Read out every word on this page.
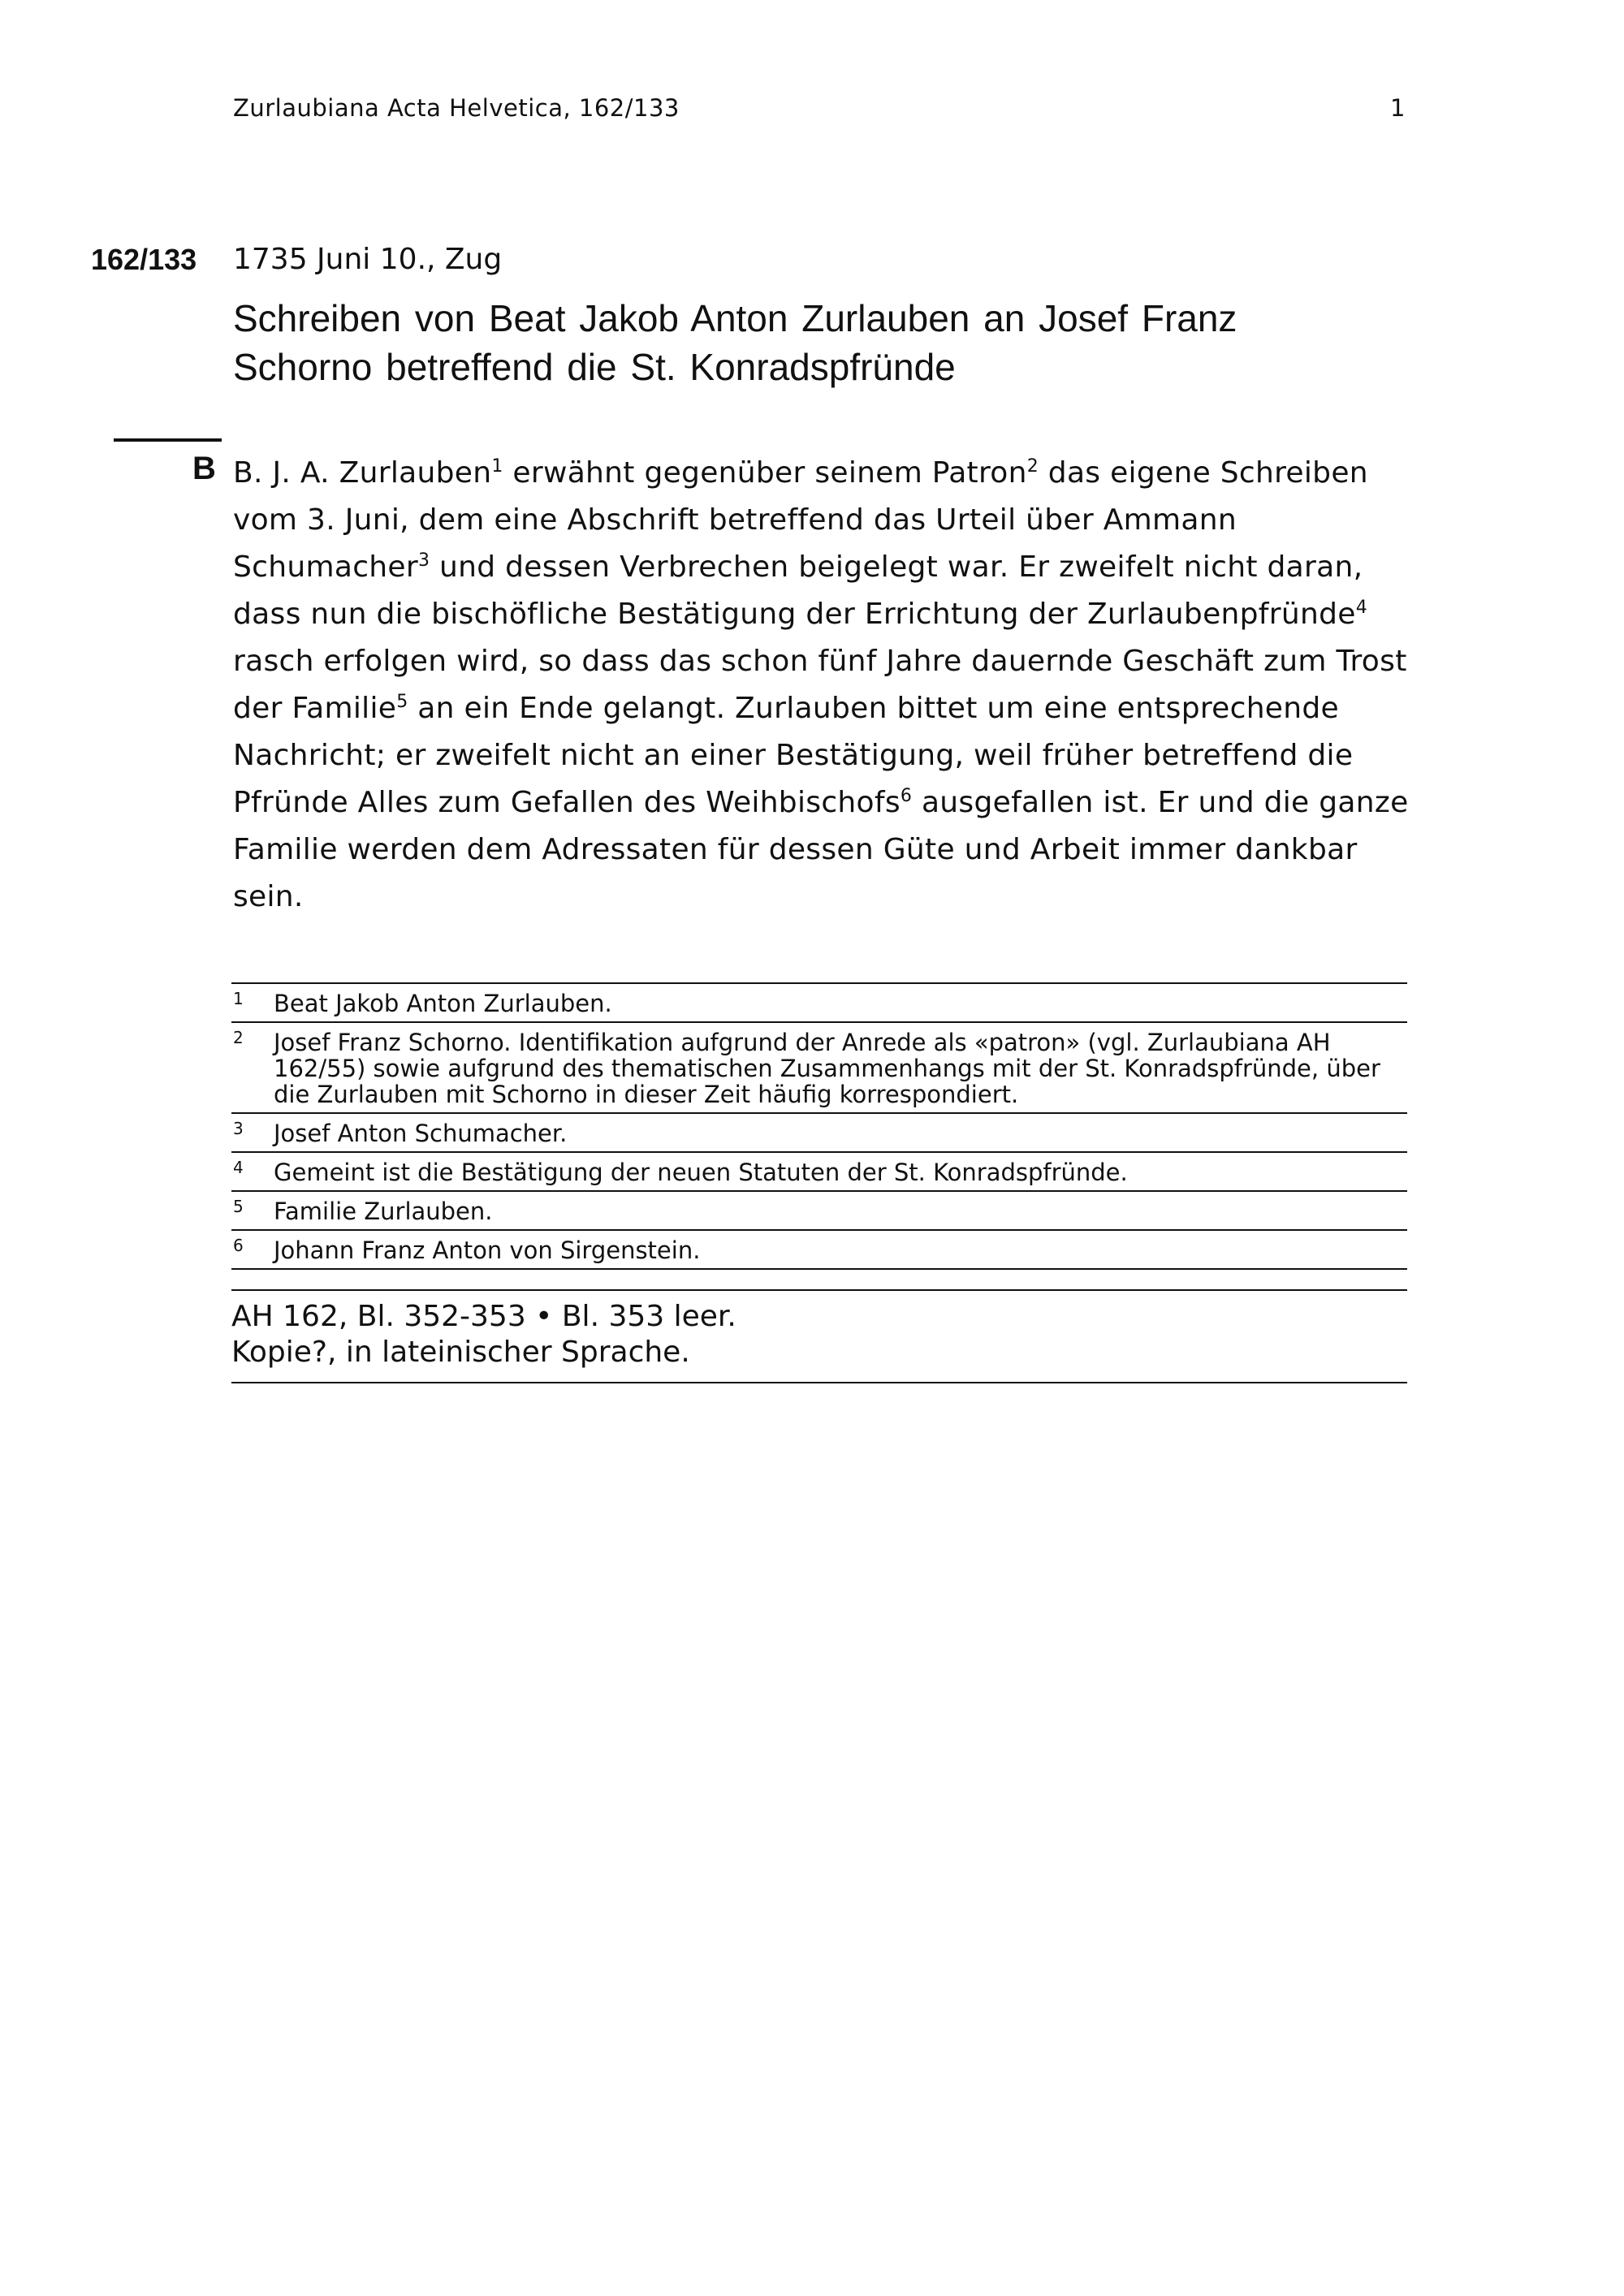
Zurlaubiana Acta Helvetica, 162/133	1
162/133 1735 Juni 10., Zug
Schreiben von Beat Jakob Anton Zurlauben an Josef Franz Schorno betreffend die St. Konradspfründe
B B. J. A. Zurlauben$^1$ erwähnt gegenüber seinem Patron$^2$ das eigene Schreiben vom 3. Juni, dem eine Abschrift betreffend das Urteil über Ammann Schumacher$^3$ und dessen Verbrechen beigelegt war. Er zweifelt nicht daran, dass nun die bischöfliche Bestätigung der Errichtung der Zurlaubenpfründe$^4$ rasch erfolgen wird, so dass das schon fünf Jahre dauernde Geschäft zum Trost der Familie$^5$ an ein Ende gelangt. Zurlauben bittet um eine entsprechende Nachricht; er zweifelt nicht an einer Bestätigung, weil früher betreffend die Pfründe Alles zum Gefallen des Weihbischofs$^6$ ausgefallen ist. Er und die ganze Familie werden dem Adressaten für dessen Güte und Arbeit immer dankbar sein.
1 Beat Jakob Anton Zurlauben.
2 Josef Franz Schorno. Identifikation aufgrund der Anrede als «patron» (vgl. Zurlaubiana AH 162/55) sowie aufgrund des thematischen Zusammenhangs mit der St. Konradspfründe, über die Zurlauben mit Schorno in dieser Zeit häufig korrespondiert.
3 Josef Anton Schumacher.
4 Gemeint ist die Bestätigung der neuen Statuten der St. Konradspfründe.
5 Familie Zurlauben.
6 Johann Franz Anton von Sirgenstein.
AH 162, Bl. 352-353 • Bl. 353 leer.
Kopie?, in lateinischer Sprache.
